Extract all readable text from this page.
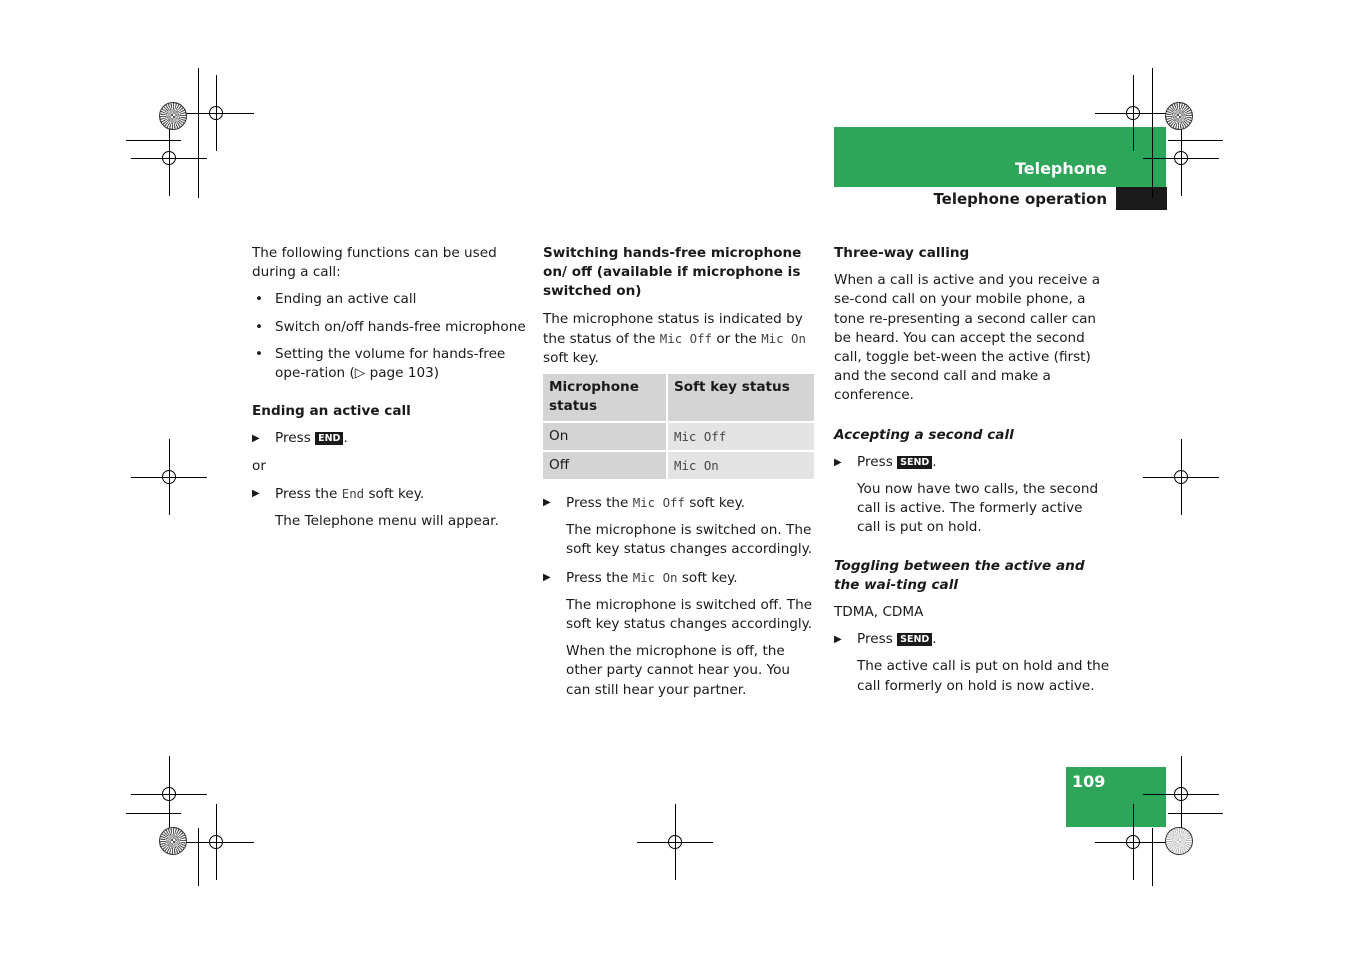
Telephone
Telephone operation
109

The following functions can be used during a call:

• Ending an active call
• Switch on/off hands-free microphone
• Setting the volume for hands-free ope-ration (▷ page 103)

Ending an active call

▶ Press END .

or

▶ Press the End soft key.

The Telephone menu will appear.

Switching hands-free microphone on/ off (available if microphone is switched on)

The microphone status is indicated by the status of the Mic Off or the Mic On
soft key.

Microphone status	Soft key status
On	Mic Off
Off	Mic On
▶ Press the Mic Off soft key.

The microphone is switched on. The soft key status changes accordingly.

▶ Press the Mic On soft key.

The microphone is switched off. The soft key status changes accordingly.

When the microphone is off, the other party cannot hear you. You can still hear your partner.

Three-way calling

When a call is active and you receive a se-cond call on your mobile phone, a tone re-presenting a second caller can be heard. You can accept the second call, toggle bet-ween the active (first) and the second call and make a conference.

Accepting a second call

▶ Press SEND .

You now have two calls, the second call is active. The formerly active call is put on hold.

Toggling between the active and the wai-ting call

TDMA, CDMA

▶ Press SEND .

The active call is put on hold and the call formerly on hold is now active.
